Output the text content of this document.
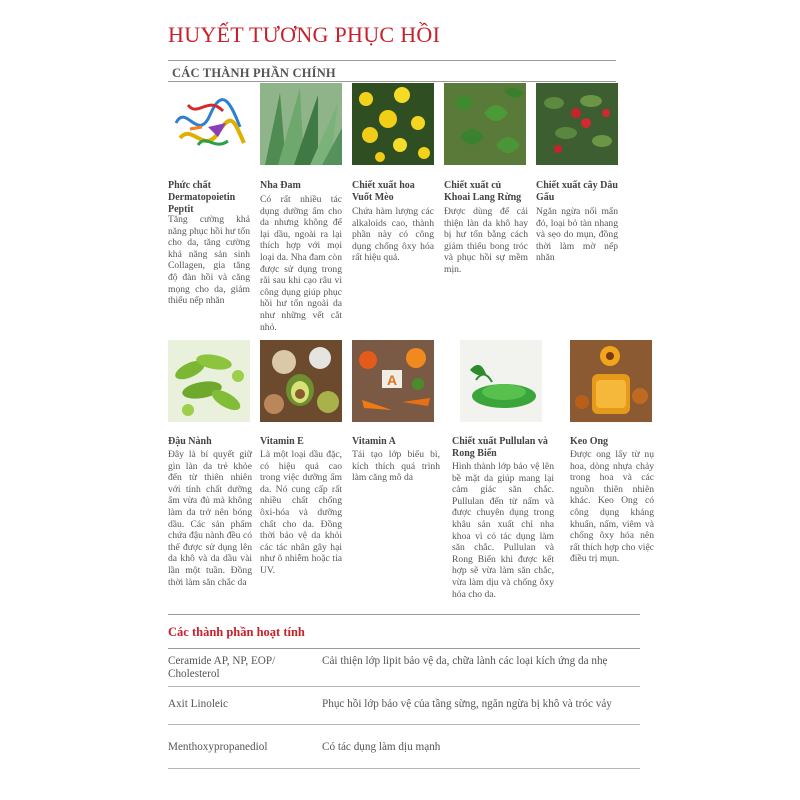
HUYẾT TƯƠNG PHỤC HỒI
CÁC THÀNH PHẦN CHÍNH
Phức chất Dermatopoietin Peptit
Tăng cường khả năng phục hồi hư tổn cho da, tăng cường khả năng sản sinh Collagen, gia tăng độ đàn hồi và căng mọng cho da, giảm thiểu nếp nhăn
Nha Đam
Có rất nhiều tác dụng dưỡng ẩm cho da nhưng không để lại dầu, ngoài ra lại thích hợp với mọi loại da. Nha đam còn được sử dụng trong rãi sau khi cạo râu vì công dụng giúp phục hồi hư tổn ngoài da như những vết cắt nhỏ.
Chiết xuất hoa Vuốt Mèo
Chứa hàm lượng các alkaloids cao, thành phần này có công dụng chống ôxy hóa rất hiệu quả.
Chiết xuất củ Khoai Lang Rừng
Được dùng để cải thiện làn da khô hay bị hư tổn bằng cách giảm thiểu bong tróc và phục hồi sự mềm mịn.
Chiết xuất cây Dâu Gấu
Ngăn ngừa nổi mẩn đỏ, loại bỏ tàn nhang và sẹo do mụn, đồng thời làm mờ nếp nhăn
A
Đậu Nành
Đây là bí quyết giữ gìn làn da trẻ khỏe đến từ thiên nhiên với tính chất dưỡng ẩm vừa đủ mà không làm da trở nên bóng dầu. Các sản phẩm chứa đậu nành đều có thể được sử dụng lên da khô và da dầu vài lần một tuần. Đồng thời làm săn chắc da
Vitamin E
Là một loại dầu đặc, có hiệu quả cao trong việc dưỡng ẩm da. Nó cung cấp rất nhiều chất chống ôxi-hóa và dưỡng chất cho da. Đồng thời bảo vệ da khỏi các tác nhân gây hại như ô nhiễm hoặc tia UV.
Vitamin A
Tái tạo lớp biểu bì, kích thích quá trình làm căng mô da
Chiết xuất Pullulan và Rong Biển
Hình thành lớp bảo vệ lên bề mặt da giúp mang lại cảm giác săn chắc. Pullulan đến từ nấm và được chuyên dụng trong khâu sản xuất chỉ nha khoa vì có tác dụng làm săn chắc. Pullulan và Rong Biển khi được kết hợp sẽ vừa làm săn chắc, vừa làm dịu và chống ôxy hóa cho da.
Keo Ong
Được ong lấy từ nụ hoa, dòng nhựa chảy trong hoa và các nguồn thiên nhiên khác. Keo Ong có công dụng kháng khuẩn, nấm, viêm và chống ôxy hóa nên rất thích hợp cho việc điều trị mụn.
Các thành phần hoạt tính
Ceramide AP, NP, EOP/ Cholesterol
Cải thiện lớp lipit bảo vệ da, chữa lành các loại kích ứng da nhẹ
Axit Linoleic	Phục hồi lớp bảo vệ của tầng sừng, ngăn ngừa bị khô và tróc vảy
Menthoxypropanediol	Có tác dụng làm dịu mạnh
